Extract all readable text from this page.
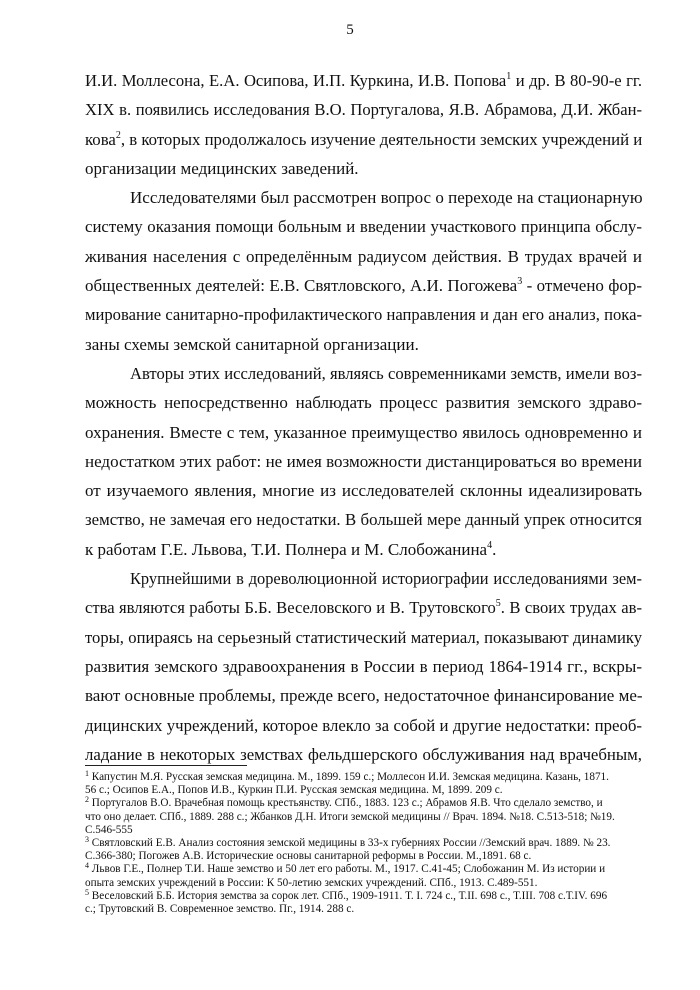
5
И.И. Моллесона, Е.А. Осипова, И.П. Куркина, И.В. Попова$^1$ и др. В 80-90-е гг.
XIX в. появились исследования В.О. Португалова, Я.В. Абрамова, Д.И. Жбан-
кова$^2$, в которых продолжалось изучение деятельности земских учреждений и
организации медицинских заведений.
Исследователями был рассмотрен вопрос о переходе на стационарную
систему оказания помощи больным и введении участкового принципа обслу-
живания населения с определённым радиусом действия. В трудах врачей и
общественных деятелей: Е.В. Святловского, А.И. Погожева$^3$ - отмечено фор-
мирование санитарно-профилактического направления и дан его анализ, пока-
заны схемы земской санитарной организации.
Авторы этих исследований, являясь современниками земств, имели воз-
можность непосредственно наблюдать процесс развития земского здраво-
охранения. Вместе с тем, указанное преимущество явилось одновременно и
недостатком этих работ: не имея возможности дистанцироваться во времени
от изучаемого явления, многие из исследователей склонны идеализировать
земство, не замечая его недостатки. В большей мере данный упрек относится
к работам Г.Е. Львова, Т.И. Полнера и М. Слобожанина$^4$.
Крупнейшими в дореволюционной историографии исследованиями зем-
ства являются работы Б.Б. Веселовского и В. Трутовского$^5$. В своих трудах ав-
торы, опираясь на серьезный статистический материал, показывают динамику
развития земского здравоохранения в России в период 1864-1914 гг., вскры-
вают основные проблемы, прежде всего, недостаточное финансирование ме-
дицинских учреждений, которое влекло за собой и другие недостатки: преоб-
ладание в некоторых земствах фельдшерского обслуживания над врачебным,
$^1$ Капустин М.Я. Русская земская медицина. М., 1899. 159 с.; Моллесон И.И. Земская медицина. Казань, 1871.
56 с.; Осипов Е.А., Попов И.В., Куркин П.И. Русская земская медицина. М, 1899. 209 с.
$^2$ Португалов В.О. Врачебная помощь крестьянству. СПб., 1883. 123 с.; Абрамов Я.В. Что сделало земство, и
что оно делает. СПб., 1889. 288 с.; Жбанков Д.Н. Итоги земской медицины // Врач. 1894. №18. С.513-518; №19.
С.546-555
$^3$ Святловский Е.В. Анализ состояния земской медицины в 33-х губерниях России //Земский врач. 1889. № 23.
С.366-380; Погожев А.В. Исторические основы санитарной реформы в России. М.,1891. 68 с.
$^4$ Львов Г.Е., Полнер Т.И. Наше земство и 50 лет его работы. М., 1917. С.41-45; Слобожанин М. Из истории и
опыта земских учреждений в России: К 50-летию земских учреждений. СПб., 1913. С.489-551.
$^5$ Веселовский Б.Б. История земства за сорок лет. СПб., 1909-1911. Т. I. 724 с., Т.II. 698 с., Т.III. 708 с.Т.IV. 696
с.; Трутовский В. Современное земство. Пг., 1914. 288 с.
